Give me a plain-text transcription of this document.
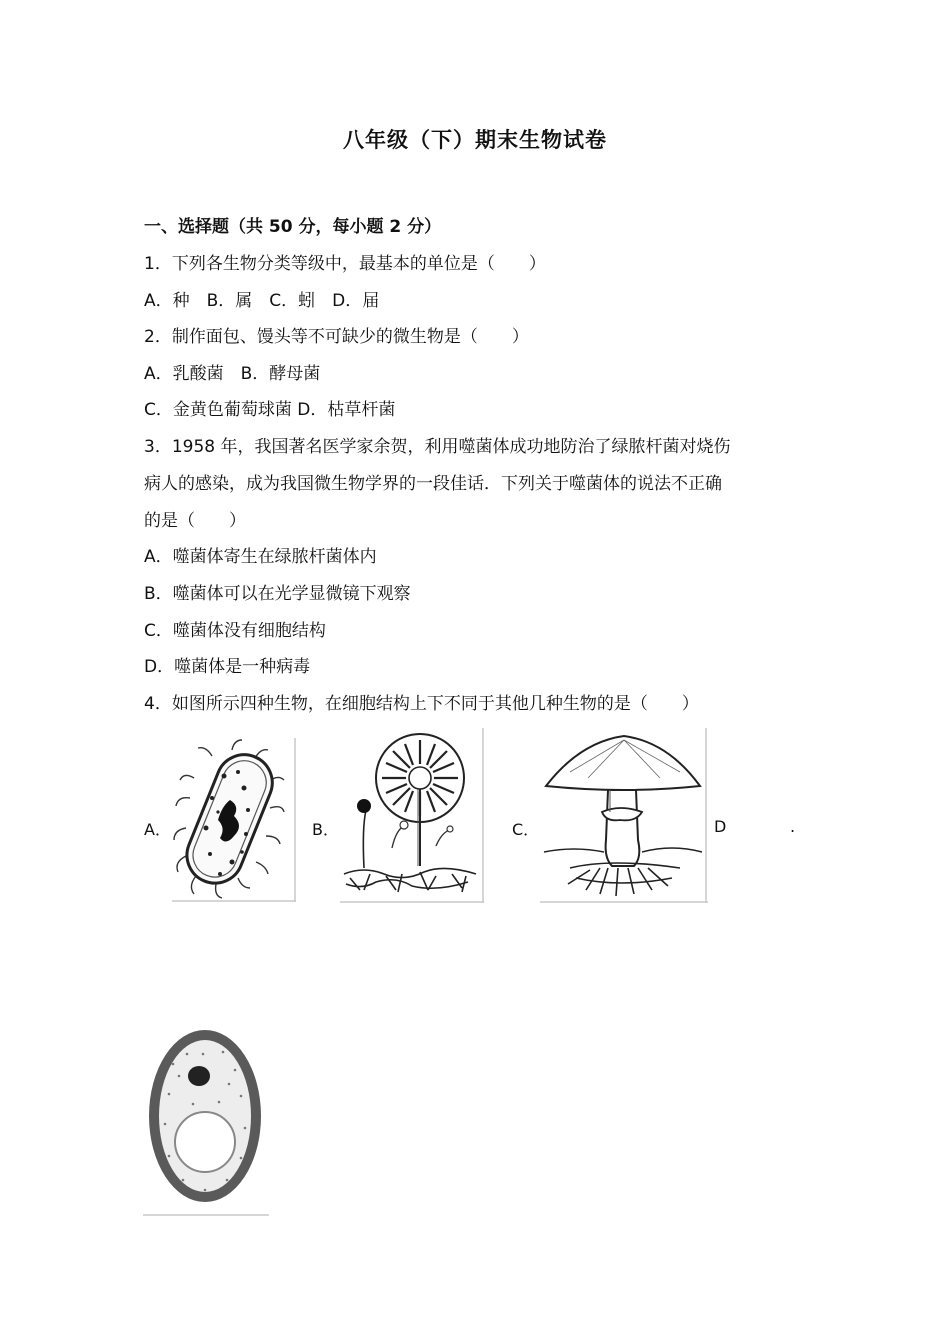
八年级（下）期末生物试卷
一、选择题（共 50 分，每小题 2 分）
1．下列各生物分类等级中，最基本的单位是（　　）
A．种　B．属　C．蚓　D．届
2．制作面包、馒头等不可缺少的微生物是（　　）
A．乳酸菌　B．酵母菌
C．金黄色葡萄球菌 D．枯草杆菌
3．1958 年，我国著名医学家余贺，利用噬菌体成功地防治了绿脓杆菌对烧伤
病人的感染，成为我国微生物学界的一段佳话．下列关于噬菌体的说法不正确
的是（　　）
A．噬菌体寄生在绿脓杆菌体内
B．噬菌体可以在光学显微镜下观察
C．噬菌体没有细胞结构
D．噬菌体是一种病毒
4．如图所示四种生物，在细胞结构上下不同于其他几种生物的是（　　）
A．	B．	C．	D	.
